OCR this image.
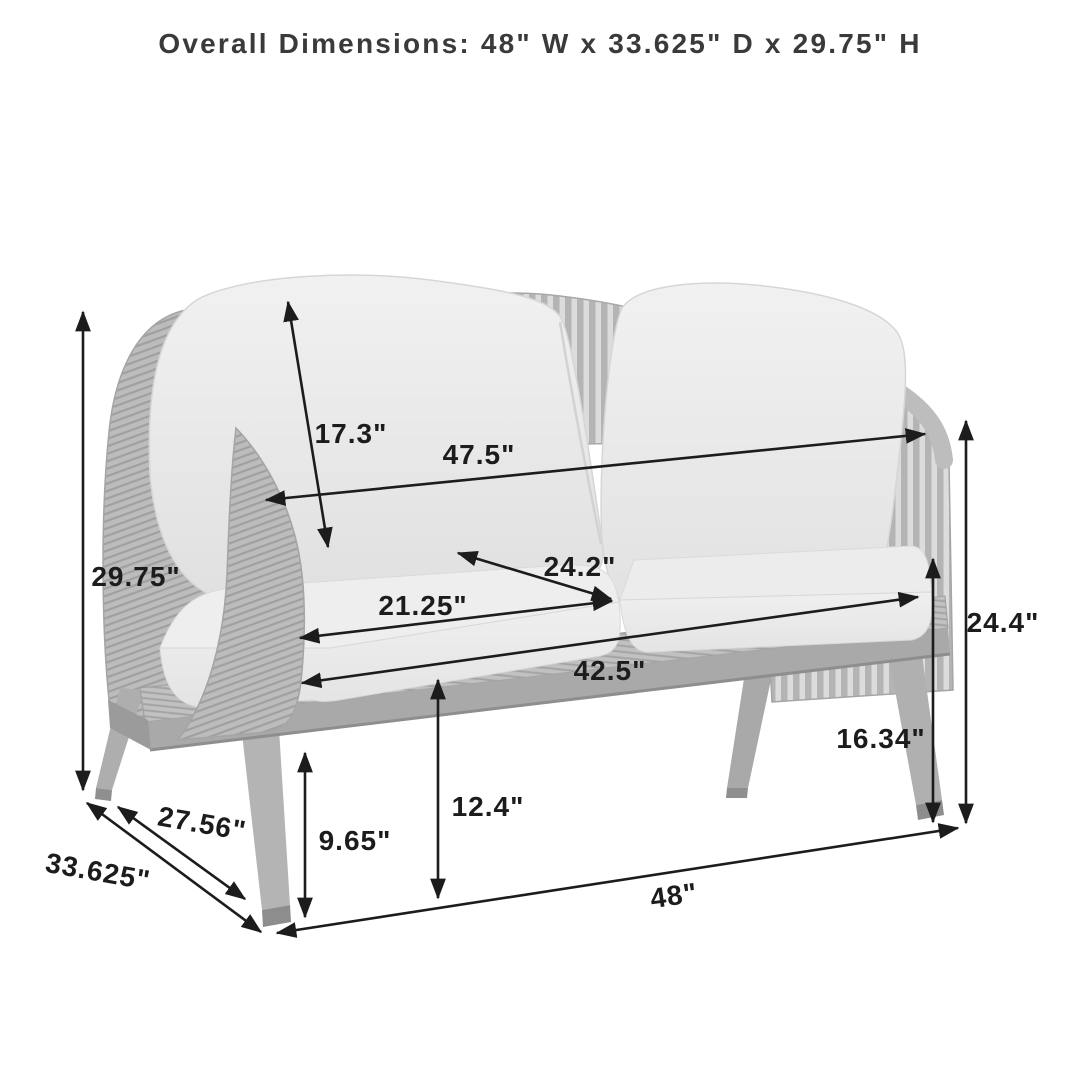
Overall Dimensions: 48" W x 33.625" D x 29.75" H
29.75"
17.3"
47.5"
24.2"
21.25"
42.5"
24.4"
16.34"
12.4"
9.65"
27.56"
33.625"	48"
